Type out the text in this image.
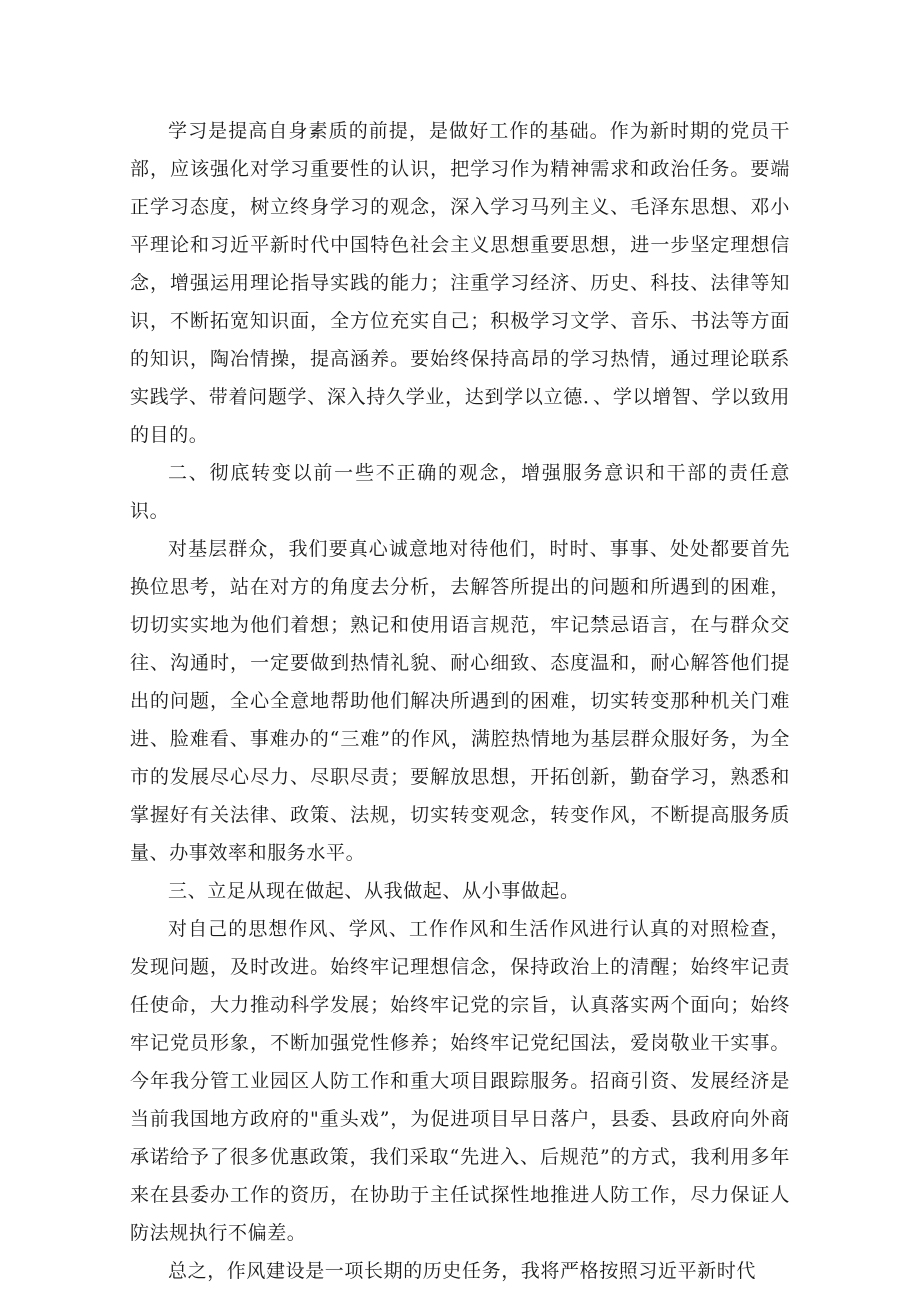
学习是提高自身素质的前提，是做好工作的基础。作为新时期的党员干部，应该强化对学习重要性的认识，把学习作为精神需求和政治任务。要端正学习态度，树立终身学习的观念，深入学习马列主义、毛泽东思想、邓小平理论和习近平新时代中国特色社会主义思想重要思想，进一步坚定理想信念，增强运用理论指导实践的能力；注重学习经济、历史、科技、法律等知识，不断拓宽知识面，全方位充实自己；积极学习文学、音乐、书法等方面的知识，陶冶情操，提高涵养。要始终保持高昂的学习热情，通过理论联系实践学、带着问题学、深入持久学业，达到学以立德．、学以增智、学以致用的目的。

二、彻底转变以前一些不正确的观念，增强服务意识和干部的责任意识。

对基层群众，我们要真心诚意地对待他们，时时、事事、处处都要首先换位思考，站在对方的角度去分析，去解答所提出的问题和所遇到的困难，切切实实地为他们着想；熟记和使用语言规范，牢记禁忌语言，在与群众交往、沟通时，一定要做到热情礼貌、耐心细致、态度温和，耐心解答他们提出的问题，全心全意地帮助他们解决所遇到的困难，切实转变那种机关门难进、脸难看、事难办的“三难”的作风，满腔热情地为基层群众服好务，为全市的发展尽心尽力、尽职尽责；要解放思想，开拓创新，勤奋学习，熟悉和掌握好有关法律、政策、法规，切实转变观念，转变作风，不断提高服务质量、办事效率和服务水平。

三、立足从现在做起、从我做起、从小事做起。

对自己的思想作风、学风、工作作风和生活作风进行认真的对照检查，发现问题，及时改进。始终牢记理想信念，保持政治上的清醒；始终牢记责任使命，大力推动科学发展；始终牢记党的宗旨，认真落实两个面向；始终牢记党员形象，不断加强党性修养；始终牢记党纪国法，爱岗敬业干实事。今年我分管工业园区人防工作和重大项目跟踪服务。招商引资、发展经济是当前我国地方政府的"重头戏”，为促进项目早日落户，县委、县政府向外商承诺给予了很多优惠政策，我们采取“先进入、后规范”的方式，我利用多年来在县委办工作的资历，在协助于主任试探性地推进人防工作，尽力保证人防法规执行不偏差。

总之，作风建设是一项长期的历史任务，我将严格按照习近平新时代
